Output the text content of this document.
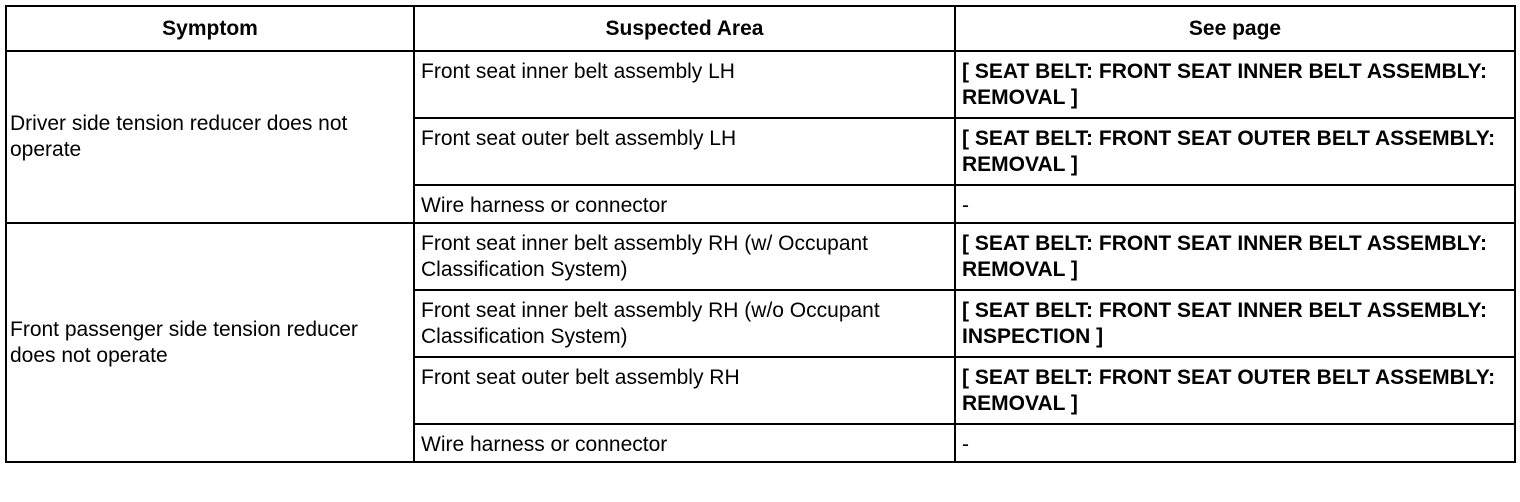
Symptom	Suspected Area	See page
Driver side tension reducer does not operate	Front seat inner belt assembly LH	[ SEAT BELT: FRONT SEAT INNER BELT ASSEMBLY: REMOVAL ]
	Front seat outer belt assembly LH	[ SEAT BELT: FRONT SEAT OUTER BELT ASSEMBLY: REMOVAL ]
	Wire harness or connector	-
Front passenger side tension reducer does not operate	Front seat inner belt assembly RH (w/ Occupant Classification System)	[ SEAT BELT: FRONT SEAT INNER BELT ASSEMBLY: REMOVAL ]
	Front seat inner belt assembly RH (w/o Occupant Classification System)	[ SEAT BELT: FRONT SEAT INNER BELT ASSEMBLY: INSPECTION ]
	Front seat outer belt assembly RH	[ SEAT BELT: FRONT SEAT OUTER BELT ASSEMBLY: REMOVAL ]
	Wire harness or connector	-
